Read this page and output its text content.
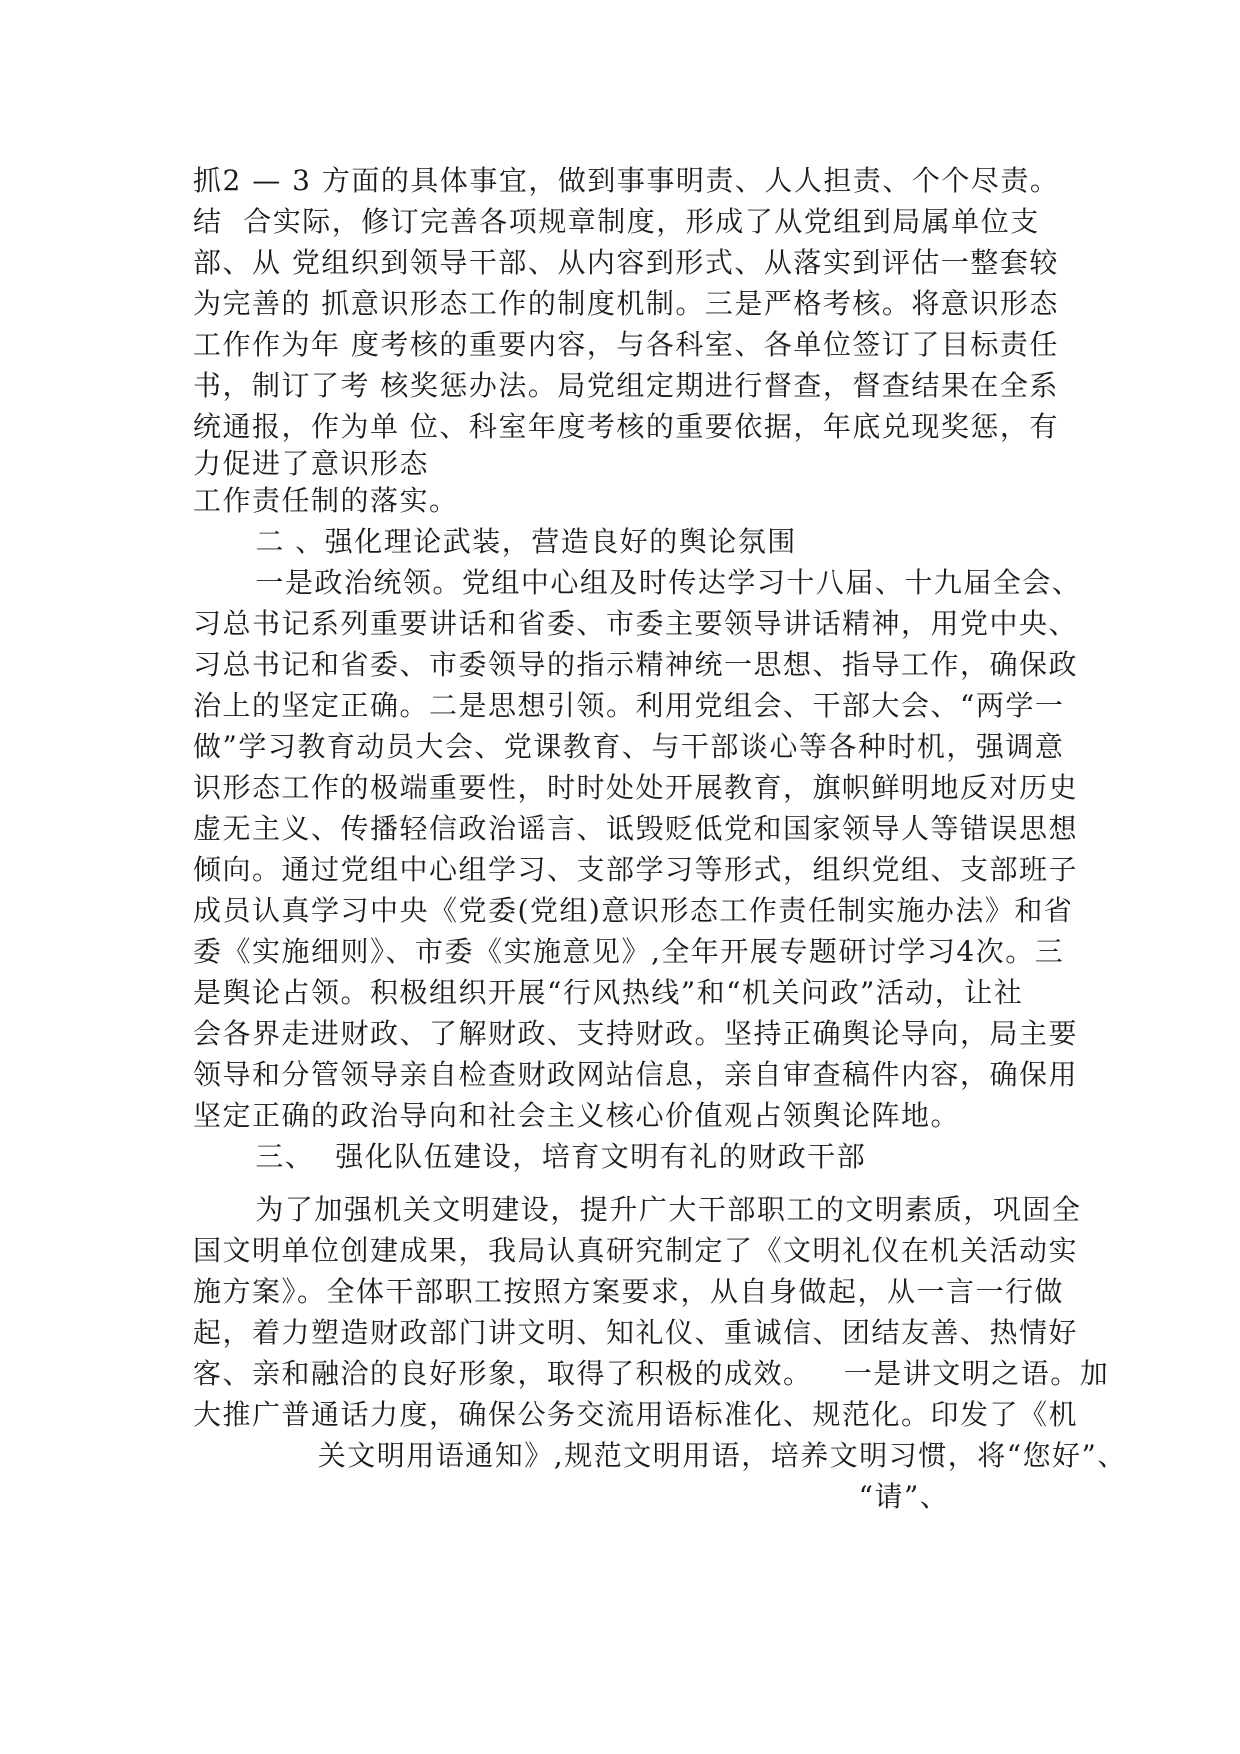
抓2 — 3 方面的具体事宜，做到事事明责、人人担责、个个尽责。
结  合实际，修订完善各项规章制度，形成了从党组到局属单位支
部、从 党组织到领导干部、从内容到形式、从落实到评估一整套较
为完善的 抓意识形态工作的制度机制。三是严格考核。将意识形态
工作作为年 度考核的重要内容，与各科室、各单位签订了目标责任
书，制订了考 核奖惩办法。局党组定期进行督查，督查结果在全系
统通报，作为单 位、科室年度考核的重要依据，年底兑现奖惩，有
力促进了意识形态
工作责任制的落实。
二 、强化理论武装，营造良好的舆论氛围
一是政治统领。党组中心组及时传达学习十八届、十九届全会、
习总书记系列重要讲话和省委、市委主要领导讲话精神，用党中央、
习总书记和省委、市委领导的指示精神统一思想、指导工作，确保政
治上的坚定正确。二是思想引领。利用党组会、干部大会、“两学一
做”学习教育动员大会、党课教育、与干部谈心等各种时机，强调意
识形态工作的极端重要性，时时处处开展教育，旗帜鲜明地反对历史
虚无主义、传播轻信政治谣言、诋毁贬低党和国家领导人等错误思想
倾向。通过党组中心组学习、支部学习等形式，组织党组、支部班子
成员认真学习中央《党委(党组)意识形态工作责任制实施办法》和省
委《实施细则》、市委《实施意见》,全年开展专题研讨学习4次。三
是舆论占领。积极组织开展“行风热线”和“机关问政”活动，让社
会各界走进财政、了解财政、支持财政。坚持正确舆论导向，局主要
领导和分管领导亲自检查财政网站信息，亲自审查稿件内容，确保用
坚定正确的政治导向和社会主义核心价值观占领舆论阵地。
三、  强化队伍建设，培育文明有礼的财政干部
为了加强机关文明建设，提升广大干部职工的文明素质，巩固全
国文明单位创建成果，我局认真研究制定了《文明礼仪在机关活动实
施方案》。全体干部职工按照方案要求，从自身做起，从一言一行做
起，着力塑造财政部门讲文明、知礼仪、重诚信、团结友善、热情好
客、亲和融洽的良好形象，取得了积极的成效。   一是讲文明之语。加
大推广普通话力度，确保公务交流用语标准化、规范化。印发了《机
关文明用语通知》,规范文明用语，培养文明习惯，将“您好”、
“请”、
